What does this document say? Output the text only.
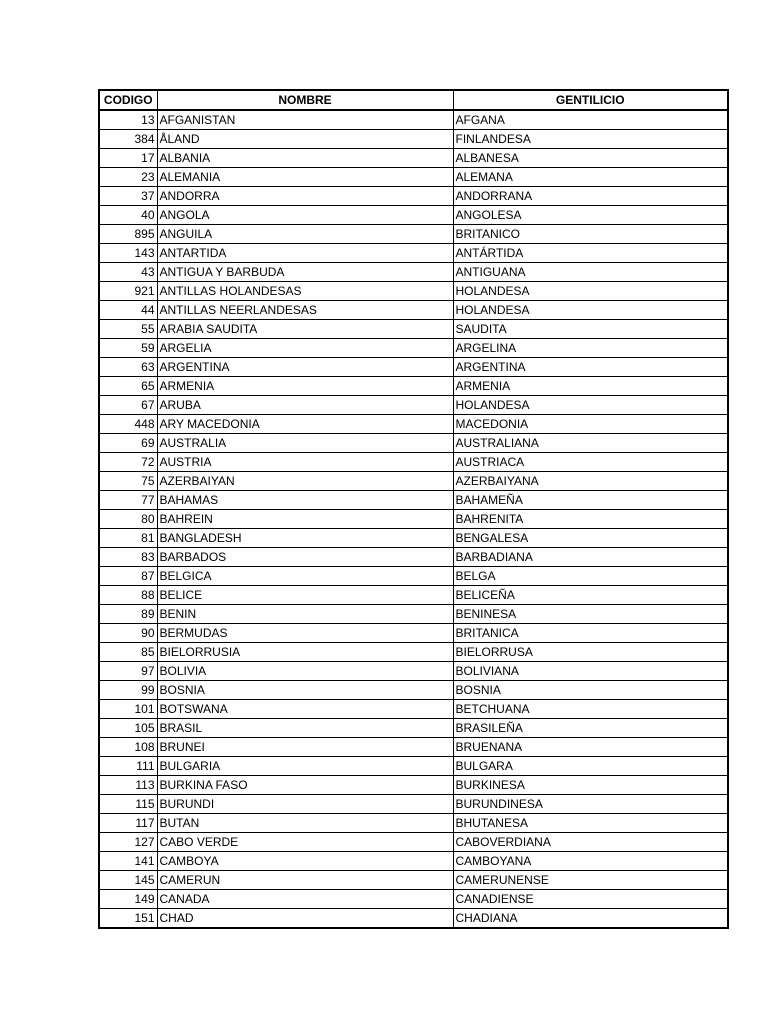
CODIGO	NOMBRE	GENTILICIO
13	AFGANISTAN	AFGANA
384	ÅLAND	FINLANDESA
17	ALBANIA	ALBANESA
23	ALEMANIA	ALEMANA
37	ANDORRA	ANDORRANA
40	ANGOLA	ANGOLESA
895	ANGUILA	BRITANICO
143	ANTARTIDA	ANTÁRTIDA
43	ANTIGUA Y BARBUDA	ANTIGUANA
921	ANTILLAS HOLANDESAS	HOLANDESA
44	ANTILLAS NEERLANDESAS	HOLANDESA
55	ARABIA SAUDITA	SAUDITA
59	ARGELIA	ARGELINA
63	ARGENTINA	ARGENTINA
65	ARMENIA	ARMENIA
67	ARUBA	HOLANDESA
448	ARY MACEDONIA	MACEDONIA
69	AUSTRALIA	AUSTRALIANA
72	AUSTRIA	AUSTRIACA
75	AZERBAIYAN	AZERBAIYANA
77	BAHAMAS	BAHAMEÑA
80	BAHREIN	BAHRENITA
81	BANGLADESH	BENGALESA
83	BARBADOS	BARBADIANA
87	BELGICA	BELGA
88	BELICE	BELICEÑA
89	BENIN	BENINESA
90	BERMUDAS	BRITANICA
85	BIELORRUSIA	BIELORRUSA
97	BOLIVIA	BOLIVIANA
99	BOSNIA	BOSNIA
101	BOTSWANA	BETCHUANA
105	BRASIL	BRASILEÑA
108	BRUNEI	BRUENANA
111	BULGARIA	BULGARA
113	BURKINA FASO	BURKINESA
115	BURUNDI	BURUNDINESA
117	BUTAN	BHUTANESA
127	CABO VERDE	CABOVERDIANA
141	CAMBOYA	CAMBOYANA
145	CAMERUN	CAMERUNENSE
149	CANADA	CANADIENSE
151	CHAD	CHADIANA
